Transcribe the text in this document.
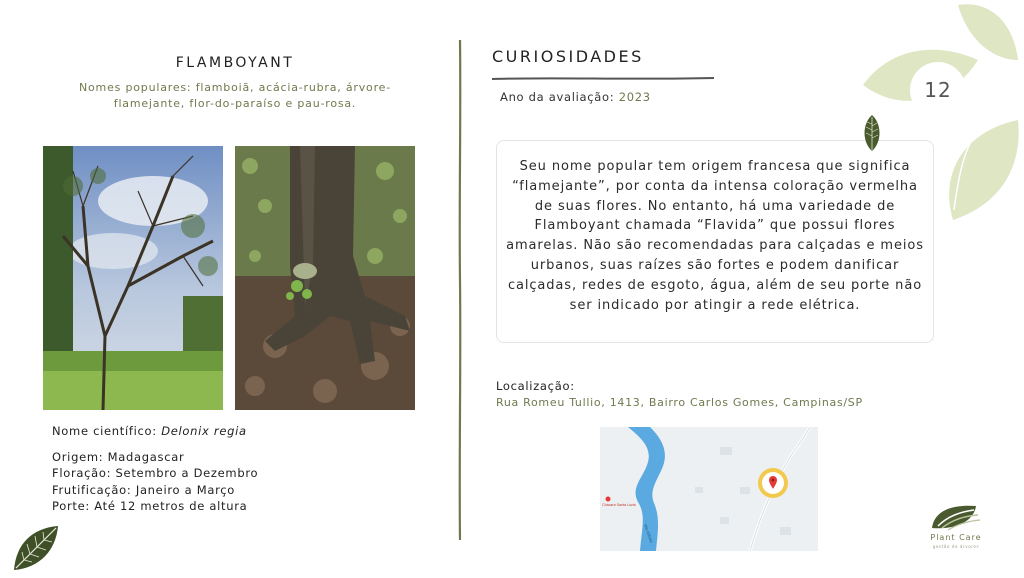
FLAMBOYANT
Nomes populares: flamboiã, acácia-rubra, árvore-flamejante, flor-do-paraíso e pau-rosa.
Nome científico: Delonix regia
Origem: Madagascar
Floração: Setembro a Dezembro
Frutificação: Janeiro a Março
Porte: Até 12 metros de altura
CURIOSIDADES
Ano da avaliação: 2023
Seu nome popular tem origem francesa que significa “flamejante”, por conta da intensa coloração vermelha de suas flores. No entanto, há uma variedade de Flamboyant chamada “Flavida” que possui flores amarelas. Não são recomendadas para calçadas e meios urbanos, suas raízes são fortes e podem danificar calçadas, redes de esgoto, água, além de seu porte não ser indicado por atingir a rede elétrica.
Localização:
Rua Romeu Tullio, 1413, Bairro Carlos Gomes, Campinas/SP
Rio Atibaia
Chácara Santa Luzia
12
Plant Care
gestão de árvores
